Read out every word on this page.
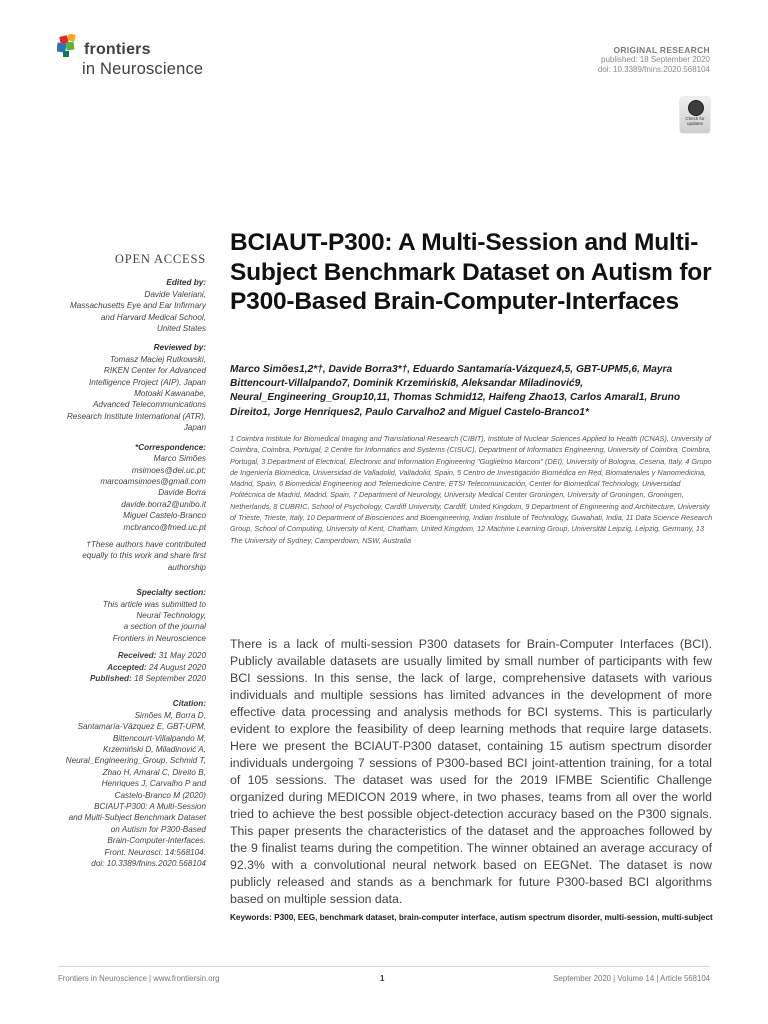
frontiers
in Neuroscience
ORIGINAL RESEARCH
published: 18 September 2020
doi: 10.3389/fnins.2020.568104
Check for updates
OPEN ACCESS
Edited by:
Davide Valeriani,
Massachusetts Eye and Ear Infirmary
and Harvard Medical School,
United States
Reviewed by:
Tomasz Maciej Rutkowski,
RIKEN Center for Advanced
Intelligence Project (AIP), Japan
Motoaki Kawanabe,
Advanced Telecommunications
Research Institute International (ATR),
Japan
*Correspondence:
Marco Simões
msimoes@dei.uc.pt;
marcoamsimoes@gmail.com
Davide Borra
davide.borra2@unibo.it
Miguel Castelo-Branco
mcbranco@fmed.uc.pt
†These authors have contributed
equally to this work and share first
authorship
Specialty section:
This article was submitted to
Neural Technology,
a section of the journal
Frontiers in Neuroscience
Received: 31 May 2020
Accepted: 24 August 2020
Published: 18 September 2020
Citation:
Simões M, Borra D,
Santamaría-Vázquez E, GBT-UPM,
Bittencourt-Villalpando M,
Krzemiński D, Miladinović A,
Neural_Engineering_Group, Schmid T,
Zhao H, Amaral C, Direito B,
Henriques J, Carvalho P and
Castelo-Branco M (2020)
BCIAUT-P300: A Multi-Session
and Multi-Subject Benchmark Dataset
on Autism for P300-Based
Brain-Computer-Interfaces.
Front. Neurosci. 14:568104.
doi: 10.3389/fnins.2020.568104
BCIAUT-P300: A Multi-Session and Multi-Subject Benchmark Dataset on Autism for P300-Based Brain-Computer-Interfaces
Marco Simões1,2*†, Davide Borra3*†, Eduardo Santamaría-Vázquez4,5, GBT-UPM5,6, Mayra Bittencourt-Villalpando7, Dominik Krzemiński8, Aleksandar Miladinović9, Neural_Engineering_Group10,11, Thomas Schmid12, Haifeng Zhao13, Carlos Amaral1, Bruno Direito1, Jorge Henriques2, Paulo Carvalho2 and Miguel Castelo-Branco1*
1 Coimbra Institute for Biomedical Imaging and Translational Research (CIBIT), Institute of Nuclear Sciences Applied to Health (ICNAS), University of Coimbra, Coimbra, Portugal, 2 Centre for Informatics and Systems (CISUC), Department of Informatics Engineering, University of Coimbra, Coimbra, Portugal, 3 Department of Electrical, Electronic and Information Engineering "Guglielmo Marconi" (DEI), University of Bologna, Cesena, Italy, 4 Grupo de Ingeniería Biomédica, Universidad de Valladolid, Valladolid, Spain, 5 Centro de Investigación Biomédica en Red, Biomateriales y Nanomedicina, Madrid, Spain, 6 Biomedical Engineering and Telemedicine Centre, ETSI Telecomunicación, Center for Biomedical Technology, Universidad Politécnica de Madrid, Madrid, Spain, 7 Department of Neurology, University Medical Center Groningen, University of Groningen, Groningen, Netherlands, 8 CUBRIC, School of Psychology, Cardiff University, Cardiff, United Kingdom, 9 Department of Engineering and Architecture, University of Trieste, Trieste, Italy, 10 Department of Biosciences and Bioengineering, Indian Institute of Technology, Guwahati, India, 11 Data Science Research Group, School of Computing, University of Kent, Chatham, United Kingdom, 12 Machine Learning Group, Universität Leipzig, Leipzig, Germany, 13 The University of Sydney, Camperdown, NSW, Australia
There is a lack of multi-session P300 datasets for Brain-Computer Interfaces (BCI). Publicly available datasets are usually limited by small number of participants with few BCI sessions. In this sense, the lack of large, comprehensive datasets with various individuals and multiple sessions has limited advances in the development of more effective data processing and analysis methods for BCI systems. This is particularly evident to explore the feasibility of deep learning methods that require large datasets. Here we present the BCIAUT-P300 dataset, containing 15 autism spectrum disorder individuals undergoing 7 sessions of P300-based BCI joint-attention training, for a total of 105 sessions. The dataset was used for the 2019 IFMBE Scientific Challenge organized during MEDICON 2019 where, in two phases, teams from all over the world tried to achieve the best possible object-detection accuracy based on the P300 signals. This paper presents the characteristics of the dataset and the approaches followed by the 9 finalist teams during the competition. The winner obtained an average accuracy of 92.3% with a convolutional neural network based on EEGNet. The dataset is now publicly released and stands as a benchmark for future P300-based BCI algorithms based on multiple session data.
Keywords: P300, EEG, benchmark dataset, brain-computer interface, autism spectrum disorder, multi-session, multi-subject
Frontiers in Neuroscience | www.frontiersin.org	1	September 2020 | Volume 14 | Article 568104
